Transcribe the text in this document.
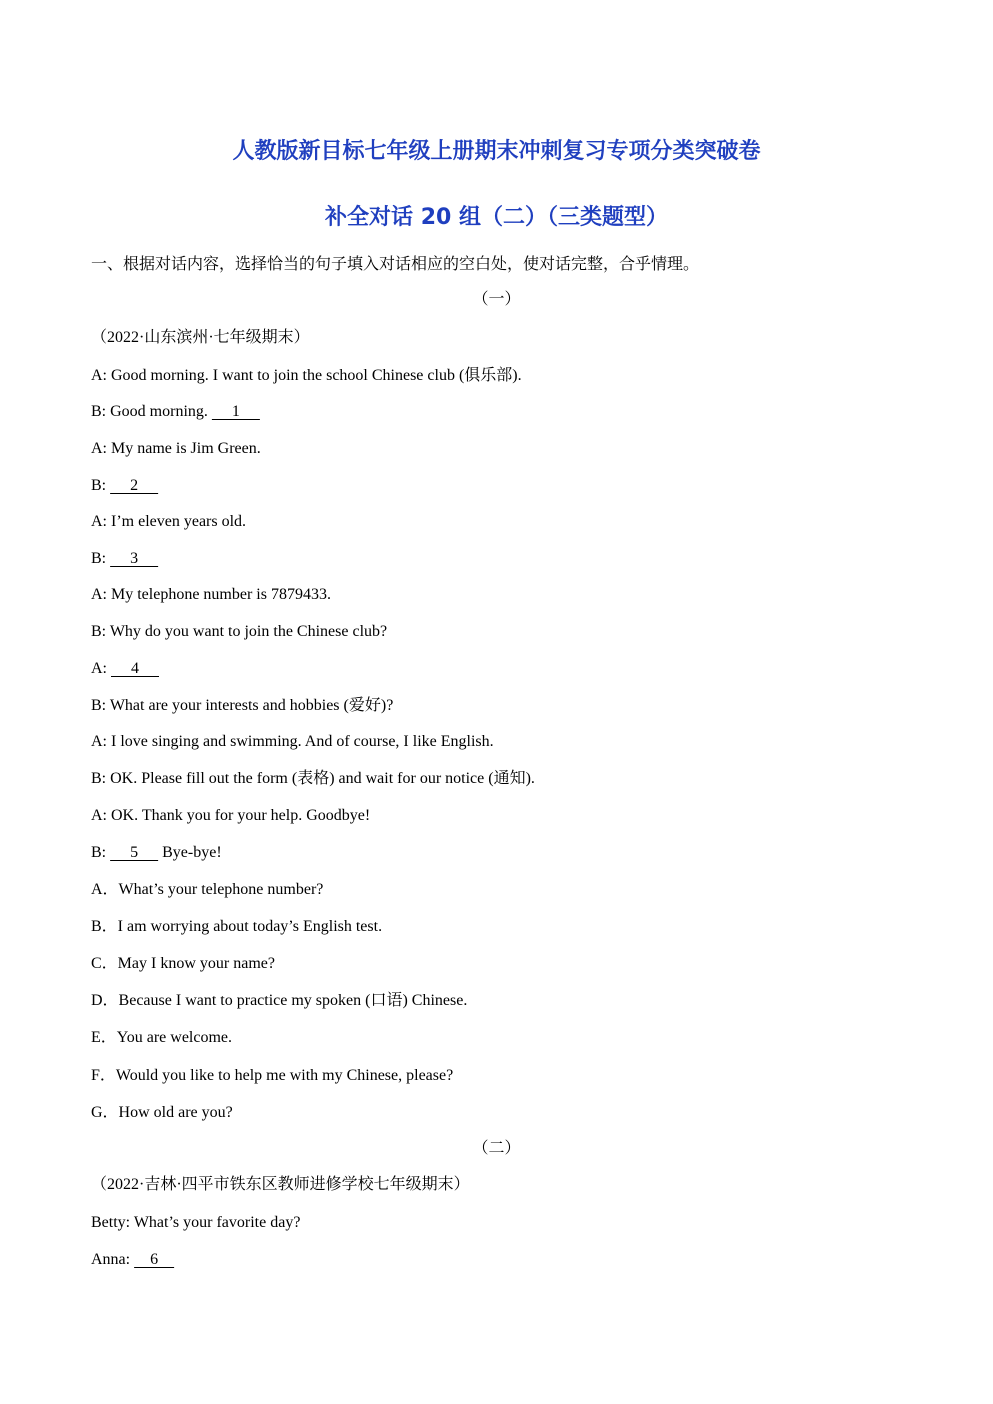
人教版新目标七年级上册期末冲刺复习专项分类突破卷
补全对话 20 组（二）（三类题型）
一、根据对话内容，选择恰当的句子填入对话相应的空白处，使对话完整，合乎情理。
（一）
（2022·山东滨州·七年级期末）
A: Good morning. I want to join the school Chinese club (俱乐部).
B: Good morning.      1
A: My name is Jim Green.
B:      2
A: I’m eleven years old.
B:      3
A: My telephone number is 7879433.
B: Why do you want to join the Chinese club?
A:      4
B: What are your interests and hobbies (爱好)?
A: I love singing and swimming. And of course, I like English.
B: OK. Please fill out the form (表格) and wait for our notice (通知).
A: OK. Thank you for your help. Goodbye!
B:      5      Bye-bye!
A．What’s your telephone number?
B．I am worrying about today’s English test.
C．May I know your name?
D．Because I want to practice my spoken (口语) Chinese.
E．You are welcome.
F．Would you like to help me with my Chinese, please?
G．How old are you?
（二）
（2022·吉林·四平市铁东区教师进修学校七年级期末）
Betty: What’s your favorite day?
Anna:     6
